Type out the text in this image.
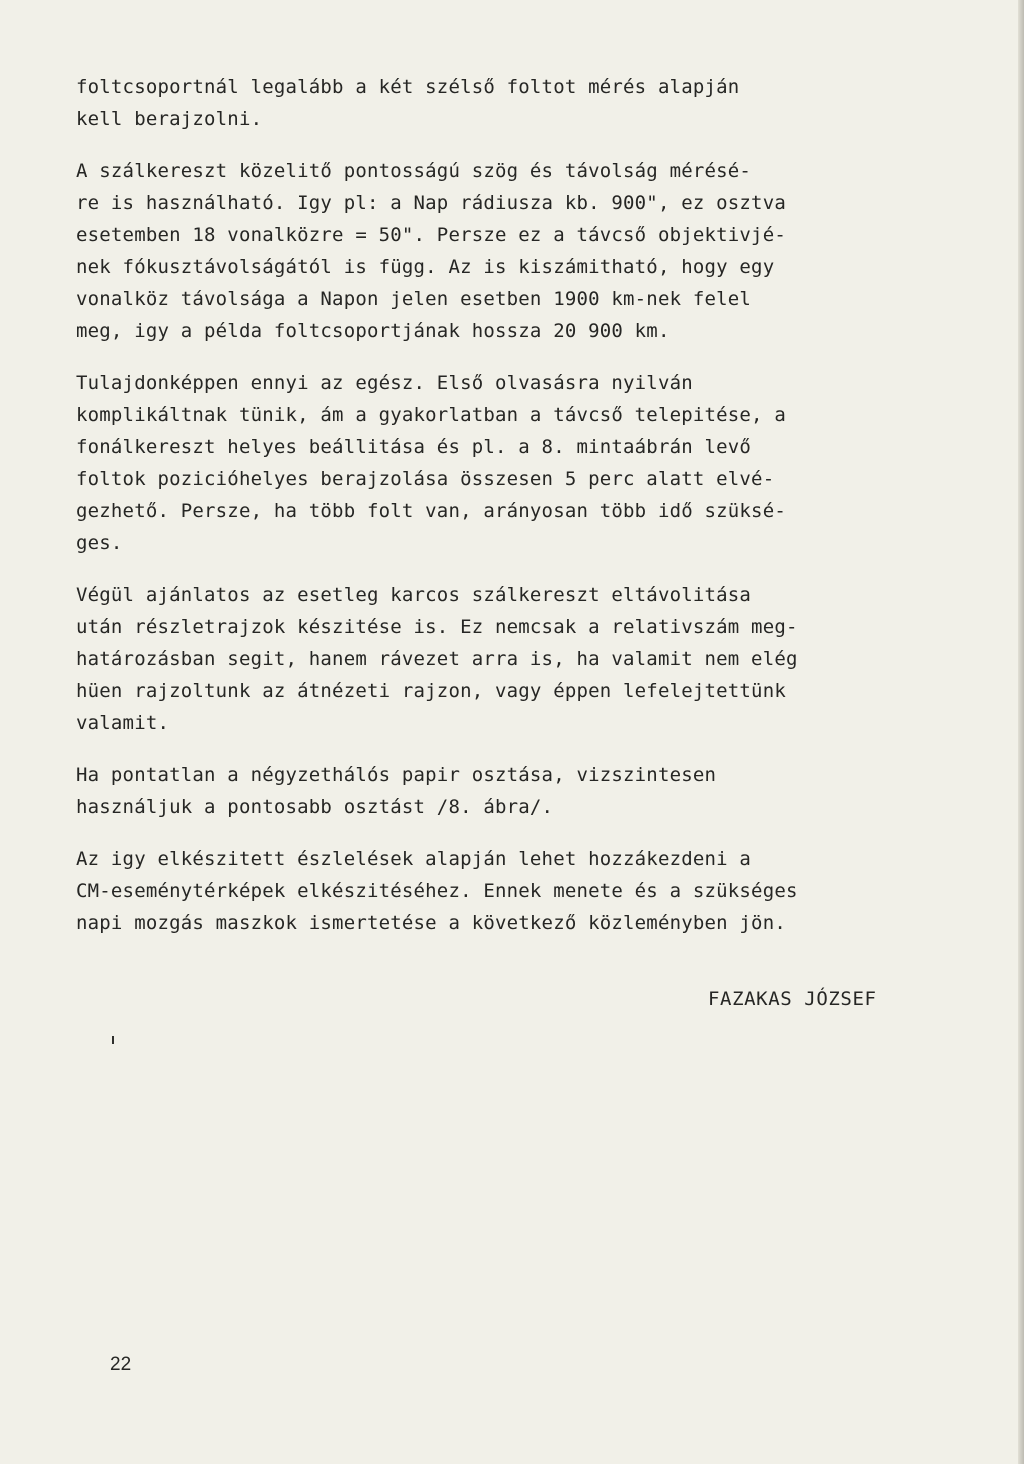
foltcsoportnál legalább a két szélső foltot mérés alapján
kell berajzolni.
A szálkereszt közelitő pontosságú szög és távolság mérésé-
re is használható. Igy pl: a Nap rádiusza kb. 900", ez osztva
esetemben 18 vonalközre = 50". Persze ez a távcső objektivjé-
nek fókusztávolságától is függ. Az is kiszámitható, hogy egy
vonalköz távolsága a Napon jelen esetben 1900 km-nek felel
meg, igy a példa foltcsoportjának hossza 20 900 km.
Tulajdonképpen ennyi az egész. Első olvasásra nyilván
komplikáltnak tünik, ám a gyakorlatban a távcső telepitése, a
fonálkereszt helyes beállitása és pl. a 8. mintaábrán levő
foltok pozicióhelyes berajzolása összesen 5 perc alatt elvé-
gezhető. Persze, ha több folt van, arányosan több idő szüksé-
ges.
Végül ajánlatos az esetleg karcos szálkereszt eltávolitása
után részletrajzok készitése is. Ez nemcsak a relativszám meg-
határozásban segit, hanem rávezet arra is, ha valamit nem elég
hüen rajzoltunk az átnézeti rajzon, vagy éppen lefelejtettünk
valamit.
Ha pontatlan a négyzethálós papir osztása, vizszintesen
használjuk a pontosabb osztást /8. ábra/.
Az igy elkészitett észlelések alapján lehet hozzákezdeni a
CM-eseménytérképek elkészitéséhez. Ennek menete és a szükséges
napi mozgás maszkok ismertetése a következő közleményben jön.
FAZAKAS JÓZSEF
22
